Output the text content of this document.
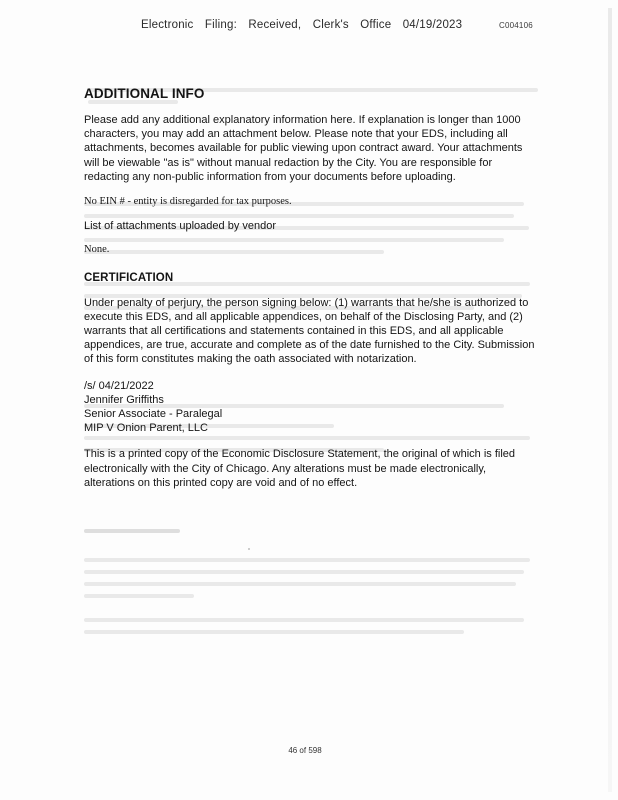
Electronic Filing: Received, Clerk's Office 04/19/2023	C004106
ADDITIONAL INFO

Please add any additional explanatory information here. If explanation is longer than 1000 characters, you may add an attachment below. Please note that your EDS, including all attachments, becomes available for public viewing upon contract award. Your attachments will be viewable "as is" without manual redaction by the City. You are responsible for redacting any non-public information from your documents before uploading.

No EIN # - entity is disregarded for tax purposes.

List of attachments uploaded by vendor

None.

CERTIFICATION

Under penalty of perjury, the person signing below: (1) warrants that he/she is authorized to execute this EDS, and all applicable appendices, on behalf of the Disclosing Party, and (2) warrants that all certifications and statements contained in this EDS, and all applicable appendices, are true, accurate and complete as of the date furnished to the City. Submission of this form constitutes making the oath associated with notarization.

/s/ 04/21/2022
Jennifer Griffiths
Senior Associate - Paralegal
MIP V Onion Parent, LLC

This is a printed copy of the Economic Disclosure Statement, the original of which is filed electronically with the City of Chicago. Any alterations must be made electronically, alterations on this printed copy are void and of no effect.

46 of 598
